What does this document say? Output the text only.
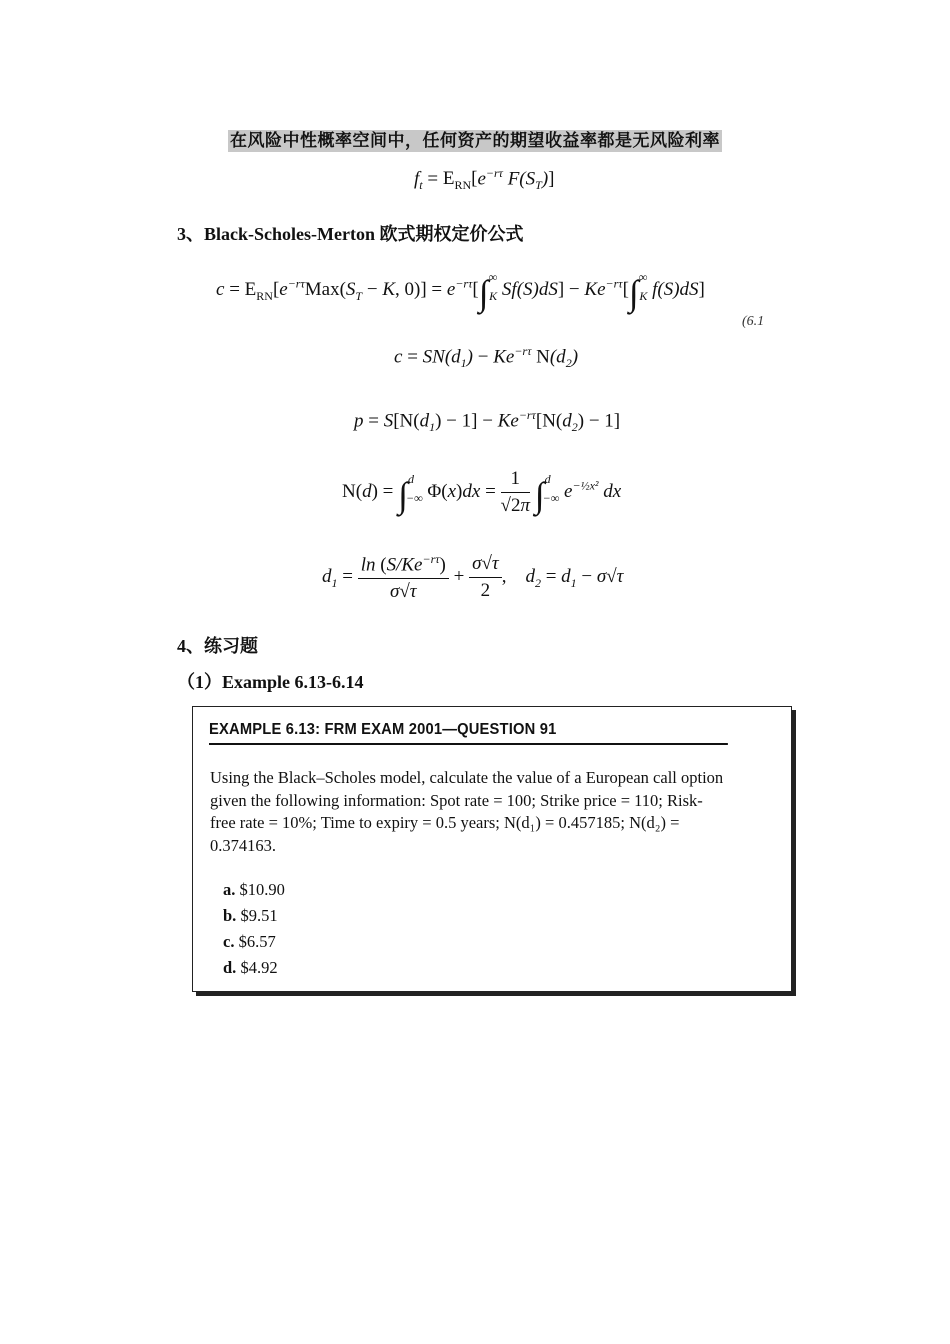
在风险中性概率空间中，任何资产的期望收益率都是无风险利率
$f_t = E_{RN}[e^{-r\tau}$ $F(S_T)$]
3、Black-Scholes-Merton 欧式期权定价公式
$c = E_{RN}[e^{-r\tau}Max(S_T - K$, $0)] = e^{-r\tau}[\int^\infty_K$ $Sf(S)dS] - Ke^{-r\tau}[\int^\infty_K$ f(S)dS]
(6.1
$c = SN(d_1) - Ke^{-r\tau}$ $N(d_2)$
$p = S[N(d_1) - 1] - Ke^{-r\tau}[N(d_2) - 1]$
N(d) = ∫$^d_{-\infty}$ $\Phi(x)dx = \frac{1}{√2\pi} \int^d_{-\infty}$ $e^{-\frac{1}{2}x^2}$ dx
$d_1 = \frac{\ln (S/Ke^{-r\tau})}{\sigma√\tau} + \frac{\sigma√\tau}{2}$ ,    $d_2 = d_1 - \sigma√\tau$
4、练习题
（1）Example 6.13-6.14
EXAMPLE 6.13: FRM EXAM 2001—QUESTION 91
Using the Black–Scholes model, calculate the value of a European call option
given the following information: Spot rate = 100; Strike price = 110; Risk-
free rate = 10%; Time to expiry = 0.5 years; N(d₁) = 0.457185; N(d₂) =
0.374163.
a. $10.90
b. $9.51
c. $6.57
d. $4.92
